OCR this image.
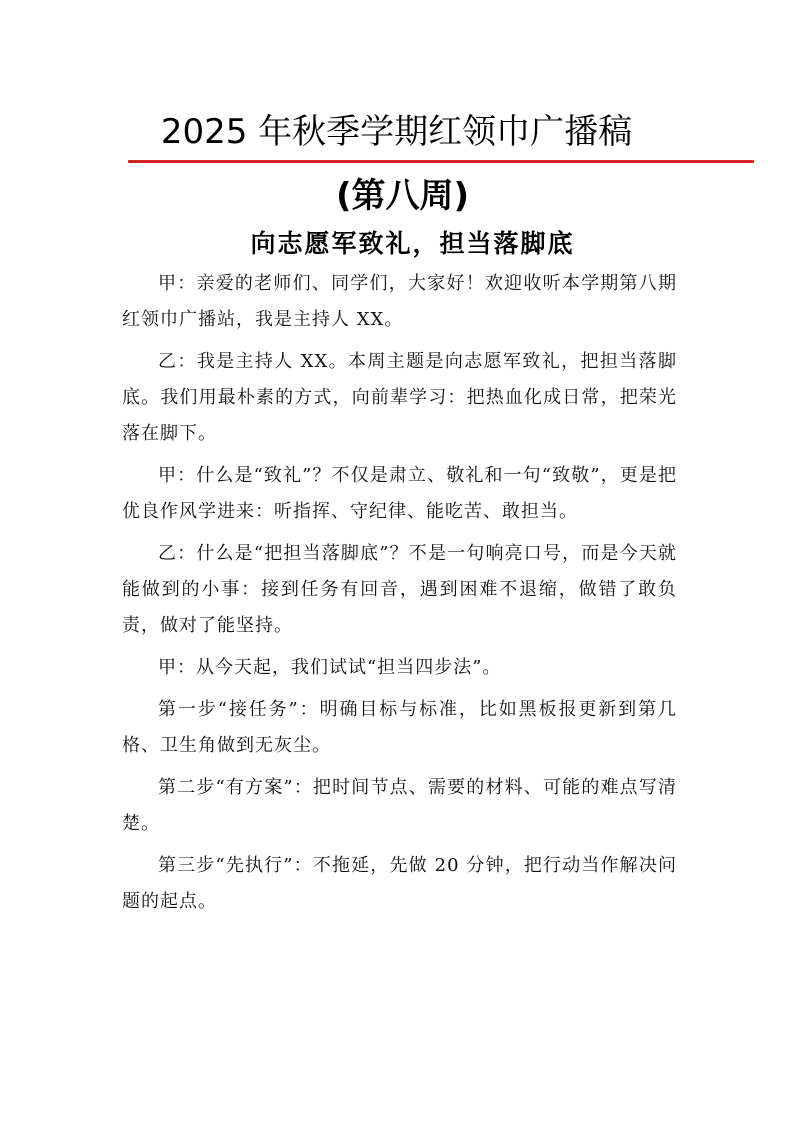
2025 年秋季学期红领巾广播稿
(第八周)
向志愿军致礼，担当落脚底

甲：亲爱的老师们、同学们，大家好！欢迎收听本学期第八期红领巾广播站，我是主持人 XX。

乙：我是主持人 XX。本周主题是向志愿军致礼，把担当落脚底。我们用最朴素的方式，向前辈学习：把热血化成日常，把荣光落在脚下。

甲：什么是“致礼”？不仅是肃立、敬礼和一句“致敬”，更是把优良作风学进来：听指挥、守纪律、能吃苦、敢担当。

乙：什么是“把担当落脚底”？不是一句响亮口号，而是今天就能做到的小事：接到任务有回音，遇到困难不退缩，做错了敢负责，做对了能坚持。

甲：从今天起，我们试试“担当四步法”。

第一步“接任务”：明确目标与标准，比如黑板报更新到第几格、卫生角做到无灰尘。

第二步“有方案”：把时间节点、需要的材料、可能的难点写清楚。

第三步“先执行”：不拖延，先做 20 分钟，把行动当作解决问题的起点。
